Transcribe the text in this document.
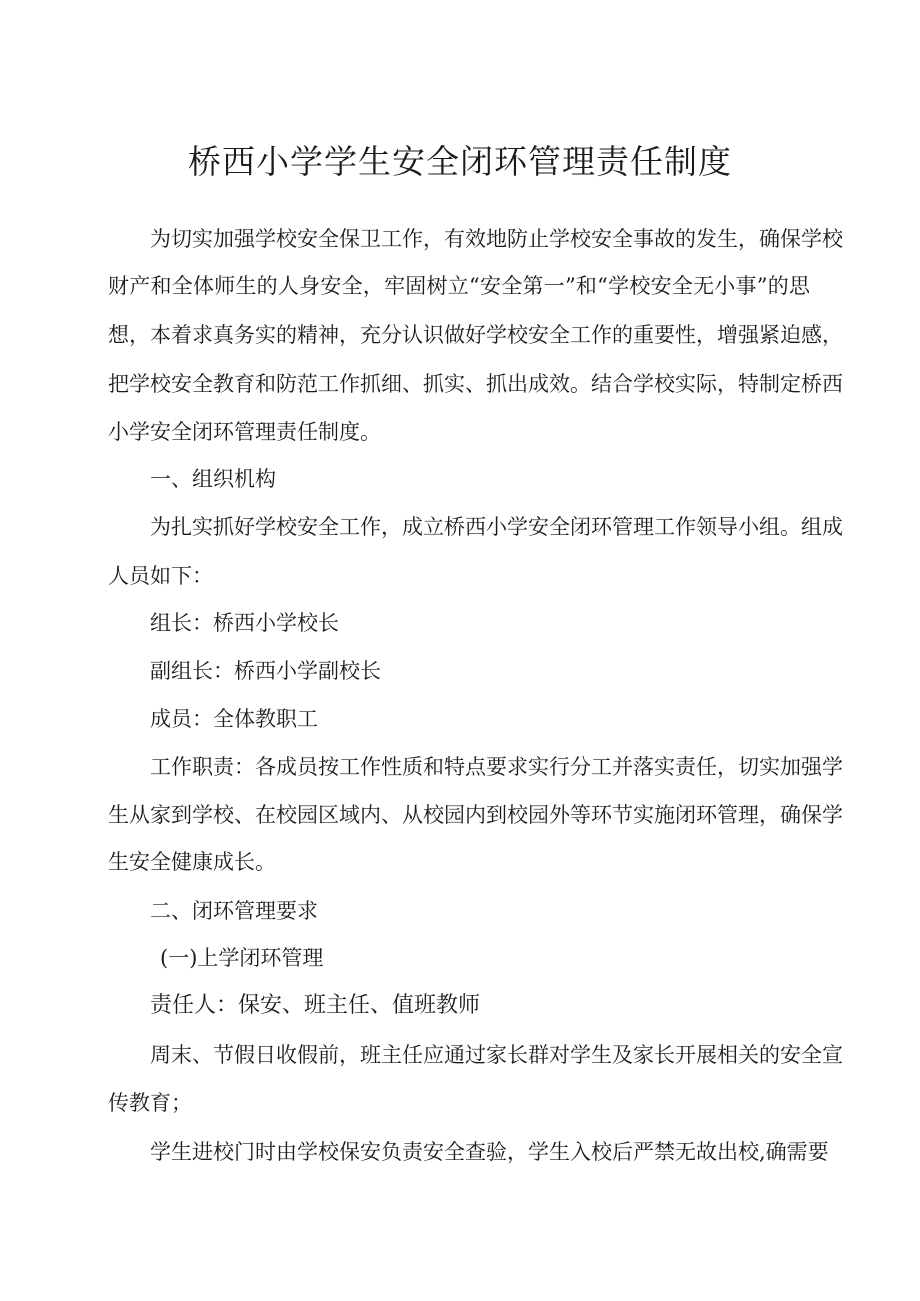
桥西小学学生安全闭环管理责任制度

为切实加强学校安全保卫工作，有效地防止学校安全事故的发生，确保学校

财产和全体师生的人身安全，牢固树立“安全第一”和“学校安全无小事”的思

想，本着求真务实的精神，充分认识做好学校安全工作的重要性，增强紧迫感，

把学校安全教育和防范工作抓细、抓实、抓出成效。结合学校实际，特制定桥西

小学安全闭环管理责任制度。

一、组织机构

为扎实抓好学校安全工作，成立桥西小学安全闭环管理工作领导小组。组成

人员如下：

组长：桥西小学校长

副组长：桥西小学副校长

成员：全体教职工

工作职责：各成员按工作性质和特点要求实行分工并落实责任，切实加强学

生从家到学校、在校园区域内、从校园内到校园外等环节实施闭环管理，确保学

生安全健康成长。

二、闭环管理要求

(一)上学闭环管理

责任人：保安、班主任、值班教师

周末、节假日收假前，班主任应通过家长群对学生及家长开展相关的安全宣

传教育；

学生进校门时由学校保安负责安全查验，学生入校后严禁无故出校,确需要
